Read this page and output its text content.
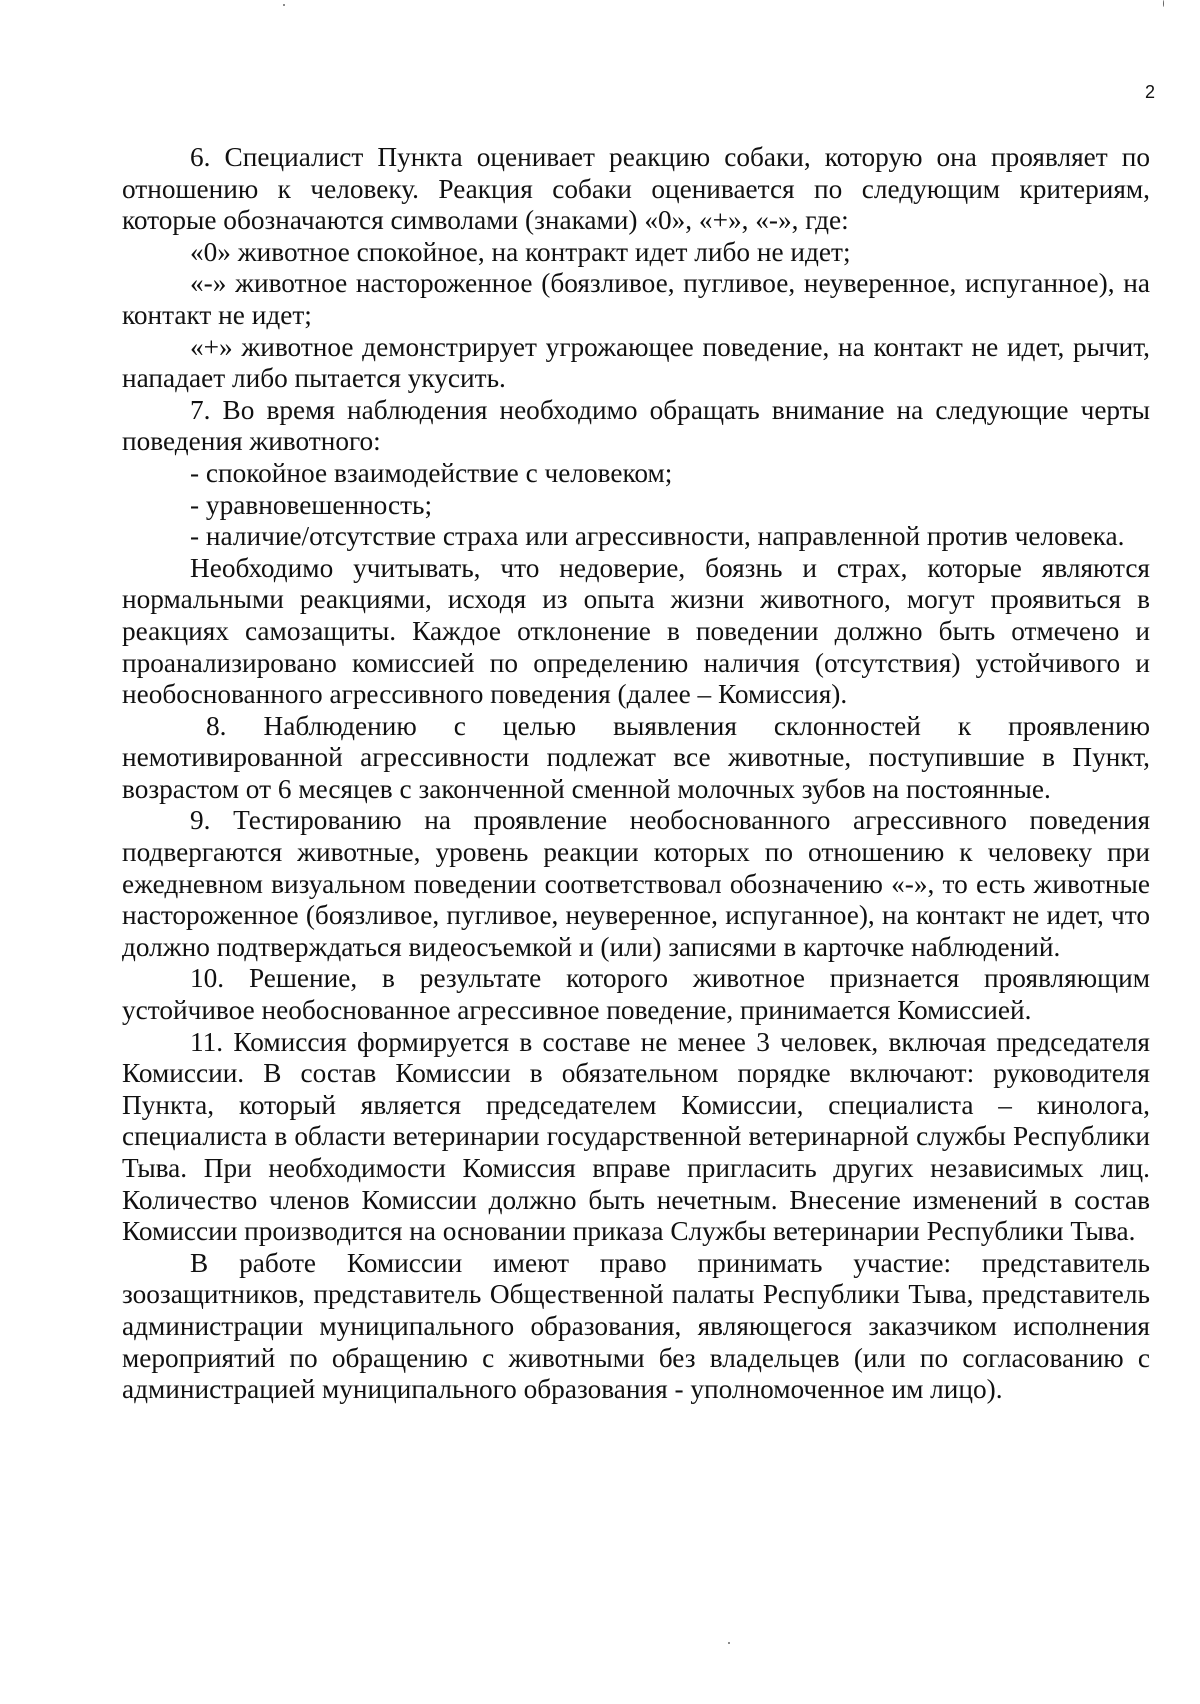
2

6. Специалист Пункта оценивает реакцию собаки, которую она проявляет по отношению к человеку. Реакция собаки оценивается по следующим критериям, которые обозначаются символами (знаками) «0», «+», «-», где:

«0» животное спокойное, на контракт идет либо не идет;

«-» животное настороженное (боязливое, пугливое, неуверенное, испуганное), на контакт не идет;

«+» животное демонстрирует угрожающее поведение, на контакт не идет, рычит, нападает либо пытается укусить.

7. Во время наблюдения необходимо обращать внимание на следующие черты поведения животного:

- спокойное взаимодействие с человеком;

- уравновешенность;

- наличие/отсутствие страха или агрессивности, направленной против человека.

Необходимо учитывать, что недоверие, боязнь и страх, которые являются нормальными реакциями, исходя из опыта жизни животного, могут проявиться в реакциях самозащиты. Каждое отклонение в поведении должно быть отмечено и проанализировано комиссией по определению наличия (отсутствия) устойчивого и необоснованного агрессивного поведения (далее – Комиссия).

8. Наблюдению с целью выявления склонностей к проявлению немотивированной агрессивности подлежат все животные, поступившие в Пункт, возрастом от 6 месяцев с законченной сменной молочных зубов на постоянные.

9. Тестированию на проявление необоснованного агрессивного поведения подвергаются животные, уровень реакции которых по отношению к человеку при ежедневном визуальном поведении соответствовал обозначению «-», то есть животные настороженное (боязливое, пугливое, неуверенное, испуганное), на контакт не идет, что должно подтверждаться видеосъемкой и (или) записями в карточке наблюдений.

10. Решение, в результате которого животное признается проявляющим устойчивое необоснованное агрессивное поведение, принимается Комиссией.

11. Комиссия формируется в составе не менее 3 человек, включая председателя Комиссии. В состав Комиссии в обязательном порядке включают: руководителя Пункта, который является председателем Комиссии, специалиста – кинолога, специалиста в области ветеринарии государственной ветеринарной службы Республики Тыва. При необходимости Комиссия вправе пригласить других независимых лиц. Количество членов Комиссии должно быть нечетным. Внесение изменений в состав Комиссии производится на основании приказа Службы ветеринарии Республики Тыва.

В работе Комиссии имеют право принимать участие: представитель зоозащитников, представитель Общественной палаты Республики Тыва, представитель администрации муниципального образования, являющегося заказчиком исполнения мероприятий по обращению с животными без владельцев (или по согласованию с администрацией муниципального образования - уполномоченное им лицо).
